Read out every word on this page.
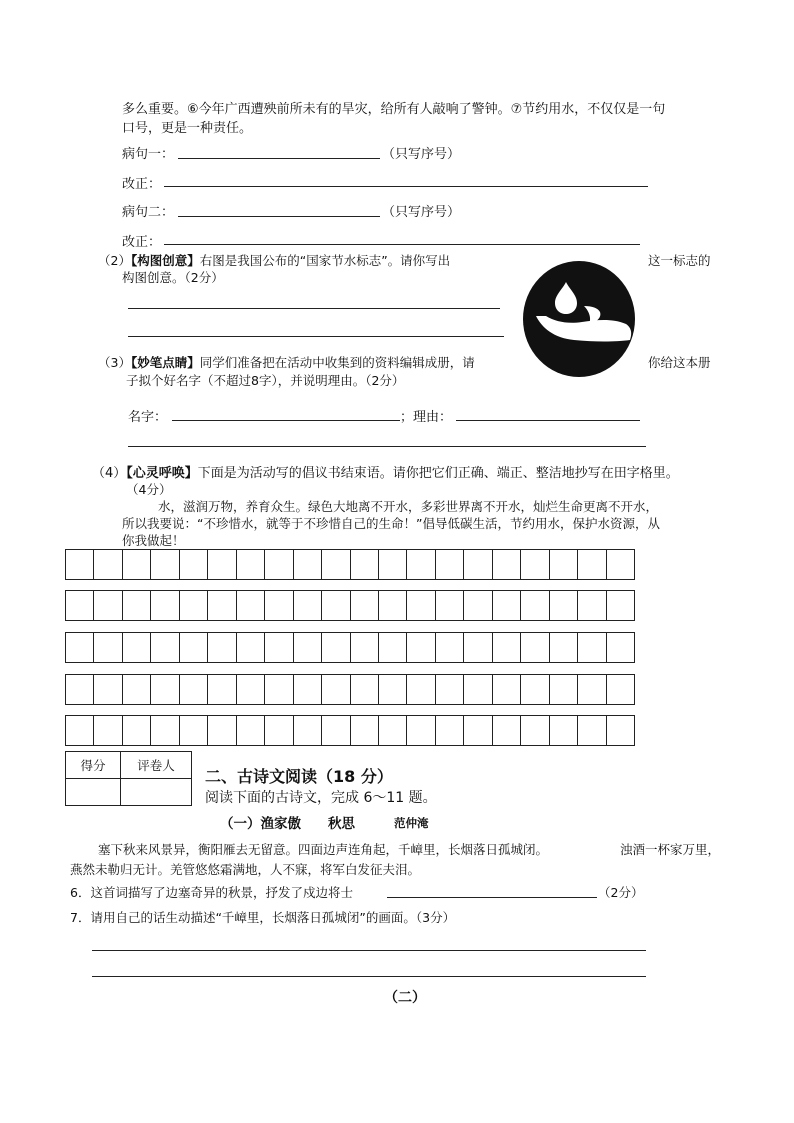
多么重要。⑥今年广西遭殃前所未有的旱灾，给所有人敲响了警钟。⑦节约用水，不仅仅是一句
口号，更是一种责任。
病句一：	（只写序号）
改正：
病句二：	（只写序号）
改正：
（2）【构图创意】右图是我国公布的“国家节水标志”。请你写出	这一标志的
构图创意。（2分）
（3）【妙笔点睛】同学们准备把在活动中收集到的资料编辑成册，请	你给这本册
子拟个好名字（不超过8字），并说明理由。（2分）
名字：	；理由：
（4）【心灵呼唤】下面是为活动写的倡议书结束语。请你把它们正确、端正、整洁地抄写在田字格里。
（4分）
水，滋润万物，养育众生。绿色大地离不开水，多彩世界离不开水，灿烂生命更离不开水，
所以我要说：“不珍惜水，就等于不珍惜自己的生命！”倡导低碳生活，节约用水，保护水资源，从
你我做起！
得分	评卷人

二、古诗文阅读（18 分）
阅读下面的古诗文，完成 6～11 题。
（一）渔家傲　　秋思	范仲淹
塞下秋来风景异，衡阳雁去无留意。四面边声连角起，千嶂里，长烟落日孤城闭。	浊酒一杯家万里，
燕然未勒归无计。羌管悠悠霜满地，人不寐，将军白发征夫泪。
6．这首词描写了边塞奇异的秋景，抒发了戍边将士	（2分）
7．请用自己的话生动描述“千嶂里，长烟落日孤城闭”的画面。（3分）
（二）
